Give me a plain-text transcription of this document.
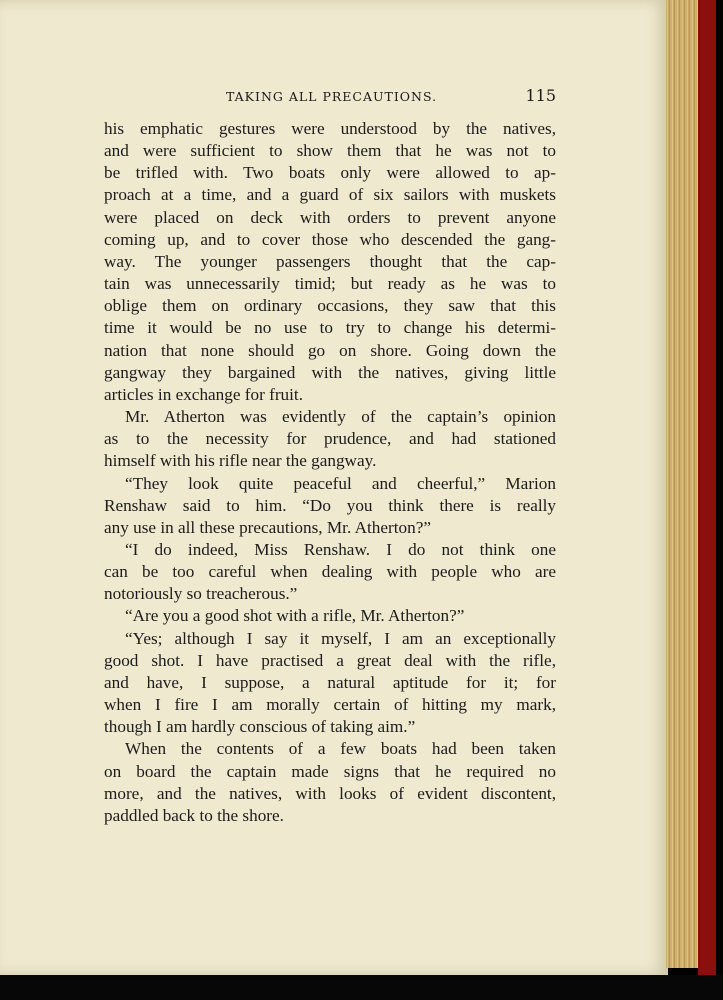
TAKING ALL PRECAUTIONS.	115
his emphatic gestures were understood by the natives,
and were sufficient to show them that he was not to
be trifled with. Two boats only were allowed to ap-
proach at a time, and a guard of six sailors with muskets
were placed on deck with orders to prevent anyone
coming up, and to cover those who descended the gang-
way. The younger passengers thought that the cap-
tain was unnecessarily timid; but ready as he was to
oblige them on ordinary occasions, they saw that this
time it would be no use to try to change his determi-
nation that none should go on shore. Going down the
gangway they bargained with the natives, giving little
articles in exchange for fruit.
Mr. Atherton was evidently of the captain’s opinion
as to the necessity for prudence, and had stationed
himself with his rifle near the gangway.
“They look quite peaceful and cheerful,” Marion
Renshaw said to him. “Do you think there is really
any use in all these precautions, Mr. Atherton?”
“I do indeed, Miss Renshaw. I do not think one
can be too careful when dealing with people who are
notoriously so treacherous.”
“Are you a good shot with a rifle, Mr. Atherton?”
“Yes; although I say it myself, I am an exceptionally
good shot. I have practised a great deal with the rifle,
and have, I suppose, a natural aptitude for it; for
when I fire I am morally certain of hitting my mark,
though I am hardly conscious of taking aim.”
When the contents of a few boats had been taken
on board the captain made signs that he required no
more, and the natives, with looks of evident discontent,
paddled back to the shore.
